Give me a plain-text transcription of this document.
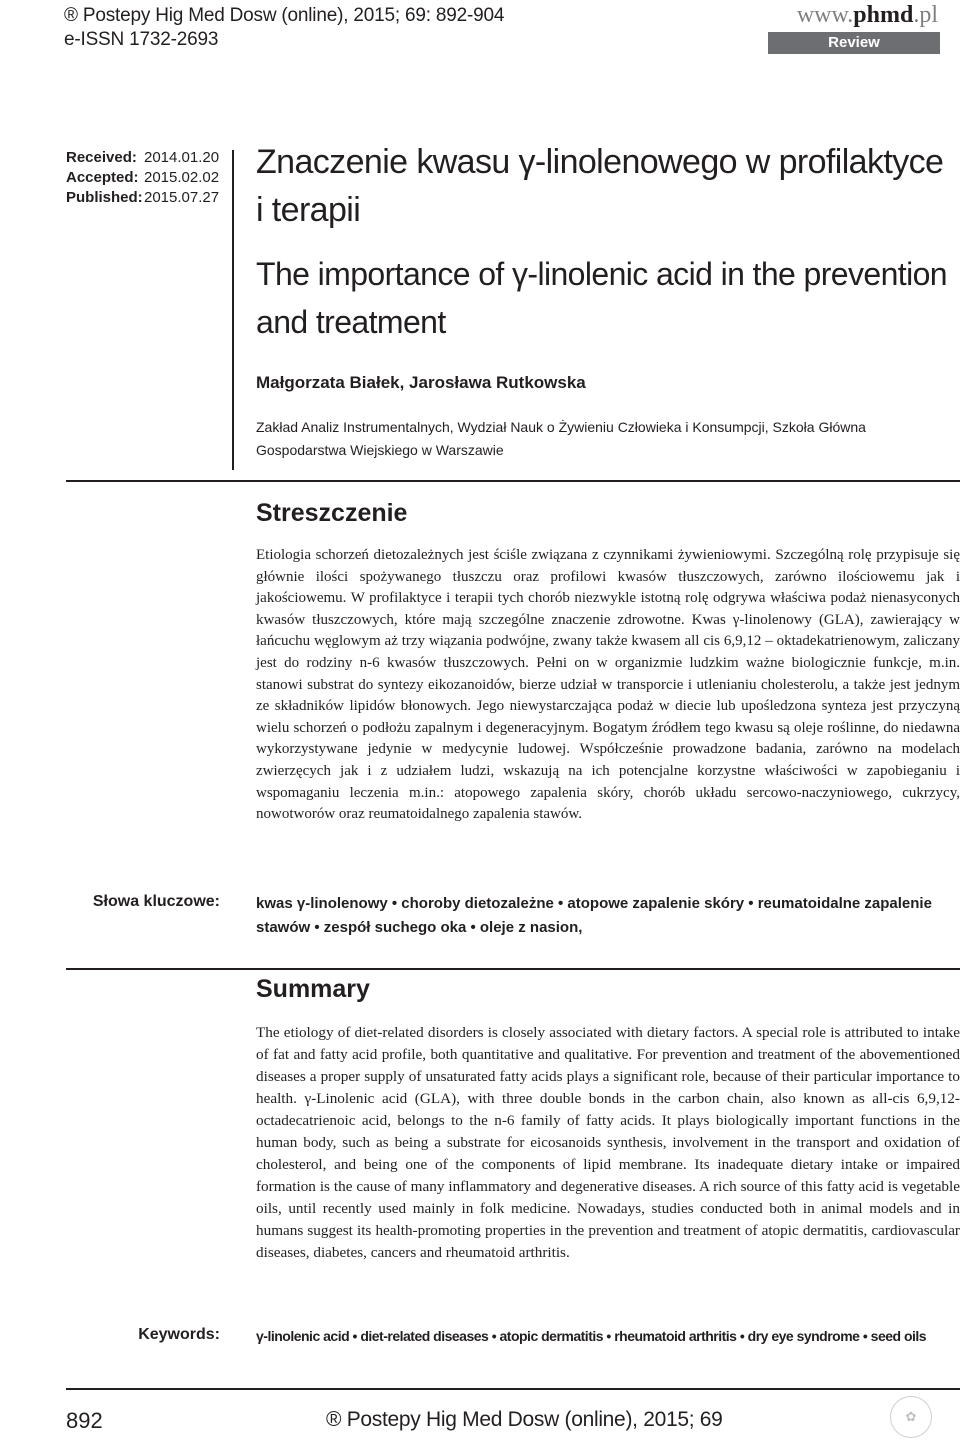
® Postepy Hig Med Dosw (online), 2015; 69: 892-904
e-ISSN 1732-2693
www.phmd.pl
Review
Received: 2014.01.20
Accepted: 2015.02.02
Published:2015.07.27
Znaczenie kwasu γ-linolenowego w profilaktyce i terapii
The importance of γ-linolenic acid in the prevention and treatment
Małgorzata Białek, Jarosława Rutkowska
Zakład Analiz Instrumentalnych, Wydział Nauk o Żywieniu Człowieka i Konsumpcji, Szkoła Główna Gospodarstwa Wiejskiego w Warszawie
Streszczenie
Etiologia schorzeń dietozależnych jest ściśle związana z czynnikami żywieniowymi. Szczególną rolę przypisuje się głównie ilości spożywanego tłuszczu oraz profilowi kwasów tłuszczowych, zarówno ilościowemu jak i jakościowemu. W profilaktyce i terapii tych chorób niezwykle istotną rolę odgrywa właściwa podaż nienasyconych kwasów tłuszczowych, które mają szczególne znaczenie zdrowotne. Kwas γ-linolenowy (GLA), zawierający w łańcuchu węglowym aż trzy wiązania podwójne, zwany także kwasem all cis 6,9,12 – oktadekatrienowym, zaliczany jest do rodziny n-6 kwasów tłuszczowych. Pełni on w organizmie ludzkim ważne biologicznie funkcje, m.in. stanowi substrat do syntezy eikozanoidów, bierze udział w transporcie i utlenianiu cholesterolu, a także jest jednym ze składników lipidów błonowych. Jego niewystarczająca podaż w diecie lub upośledzona synteza jest przyczyną wielu schorzeń o podłożu zapalnym i degeneracyjnym. Bogatym źródłem tego kwasu są oleje roślinne, do niedawna wykorzystywane jedynie w medycynie ludowej. Współcześnie prowadzone badania, zarówno na modelach zwierzęcych jak i z udziałem ludzi, wskazują na ich potencjalne korzystne właściwości w zapobieganiu i wspomaganiu leczenia m.in.: atopowego zapalenia skóry, chorób układu sercowo-naczyniowego, cukrzycy, nowotworów oraz reumatoidalnego zapalenia stawów.
Słowa kluczowe: kwas γ-linolenowy • choroby dietozależne • atopowe zapalenie skóry • reumatoidalne zapalenie stawów • zespół suchego oka • oleje z nasion,
Summary
The etiology of diet-related disorders is closely associated with dietary factors. A special role is attributed to intake of fat and fatty acid profile, both quantitative and qualitative. For prevention and treatment of the abovementioned diseases a proper supply of unsaturated fatty acids plays a significant role, because of their particular importance to health. γ-Linolenic acid (GLA), with three double bonds in the carbon chain, also known as all-cis 6,9,12-octadecatrienoic acid, belongs to the n-6 family of fatty acids. It plays biologically important functions in the human body, such as being a substrate for eicosanoids synthesis, involvement in the transport and oxidation of cholesterol, and being one of the components of lipid membrane. Its inadequate dietary intake or impaired formation is the cause of many inflammatory and degenerative diseases. A rich source of this fatty acid is vegetable oils, until recently used mainly in folk medicine. Nowadays, studies conducted both in animal models and in humans suggest its health-promoting properties in the prevention and treatment of atopic dermatitis, cardiovascular diseases, diabetes, cancers and rheumatoid arthritis.
Keywords:	γ-linolenic acid • diet-related diseases • atopic dermatitis • rheumatoid arthritis • dry eye syndrome • seed oils
892	® Postepy Hig Med Dosw (online), 2015; 69	✿
